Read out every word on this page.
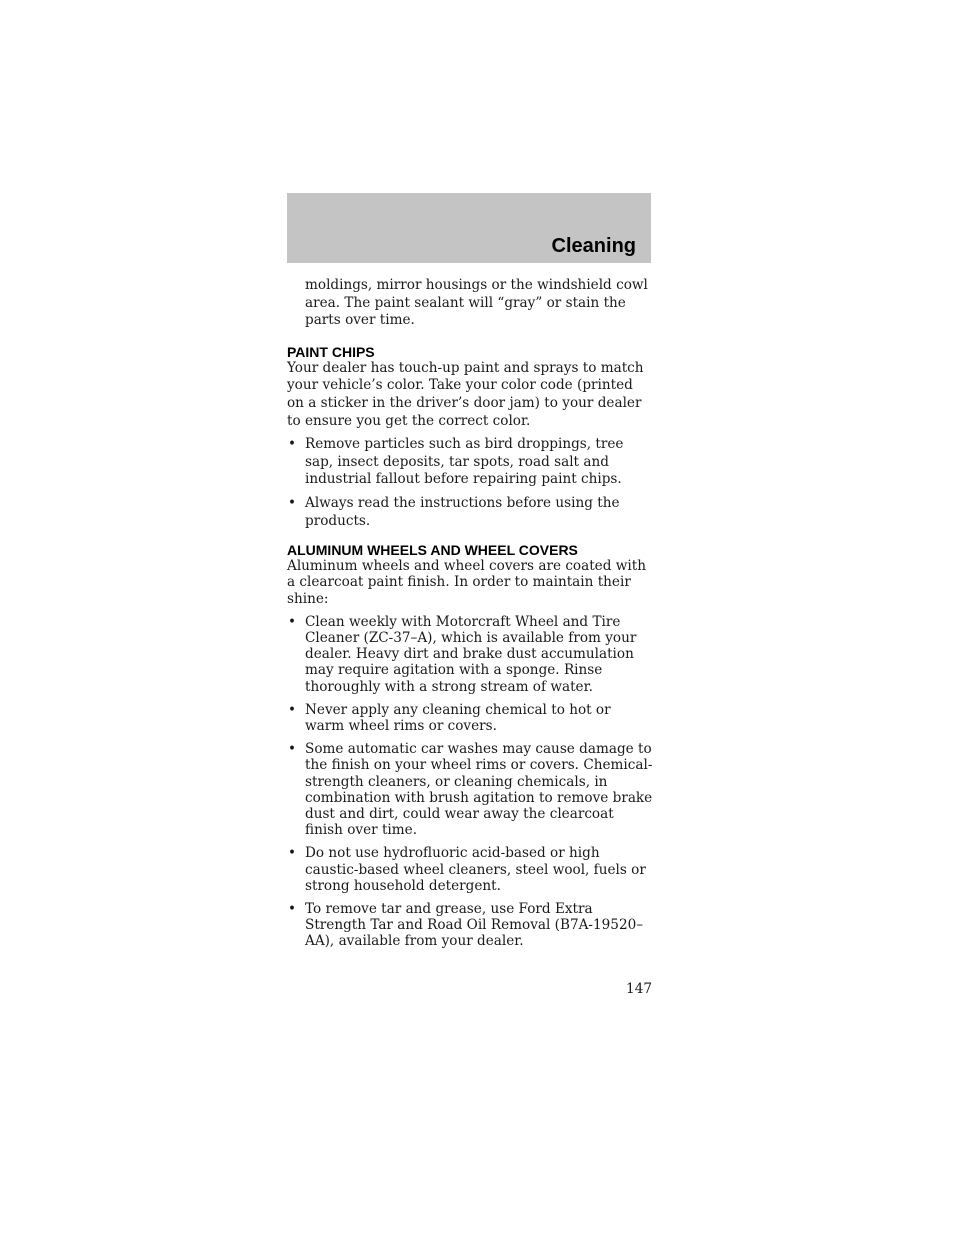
Cleaning

moldings, mirror housings or the windshield cowl area. The paint sealant will “gray” or stain the parts over time.

PAINT CHIPS

Your dealer has touch-up paint and sprays to match your vehicle’s color. Take your color code (printed on a sticker in the driver’s door jam) to your dealer to ensure you get the correct color.

• Remove particles such as bird droppings, tree sap, insect deposits, tar spots, road salt and industrial fallout before repairing paint chips.
• Always read the instructions before using the products.
ALUMINUM WHEELS AND WHEEL COVERS

Aluminum wheels and wheel covers are coated with a clearcoat paint finish. In order to maintain their shine:

• Clean weekly with Motorcraft Wheel and Tire Cleaner (ZC-37–A), which is available from your dealer. Heavy dirt and brake dust accumulation may require agitation with a sponge. Rinse thoroughly with a strong stream of water.
• Never apply any cleaning chemical to hot or warm wheel rims or covers.
• Some automatic car washes may cause damage to the finish on your wheel rims or covers. Chemical-strength cleaners, or cleaning chemicals, in combination with brush agitation to remove brake dust and dirt, could wear away the clearcoat finish over time.
• Do not use hydrofluoric acid-based or high caustic-based wheel cleaners, steel wool, fuels or strong household detergent.
• To remove tar and grease, use Ford Extra Strength Tar and Road Oil Removal (B7A-19520–AA), available from your dealer.

147
